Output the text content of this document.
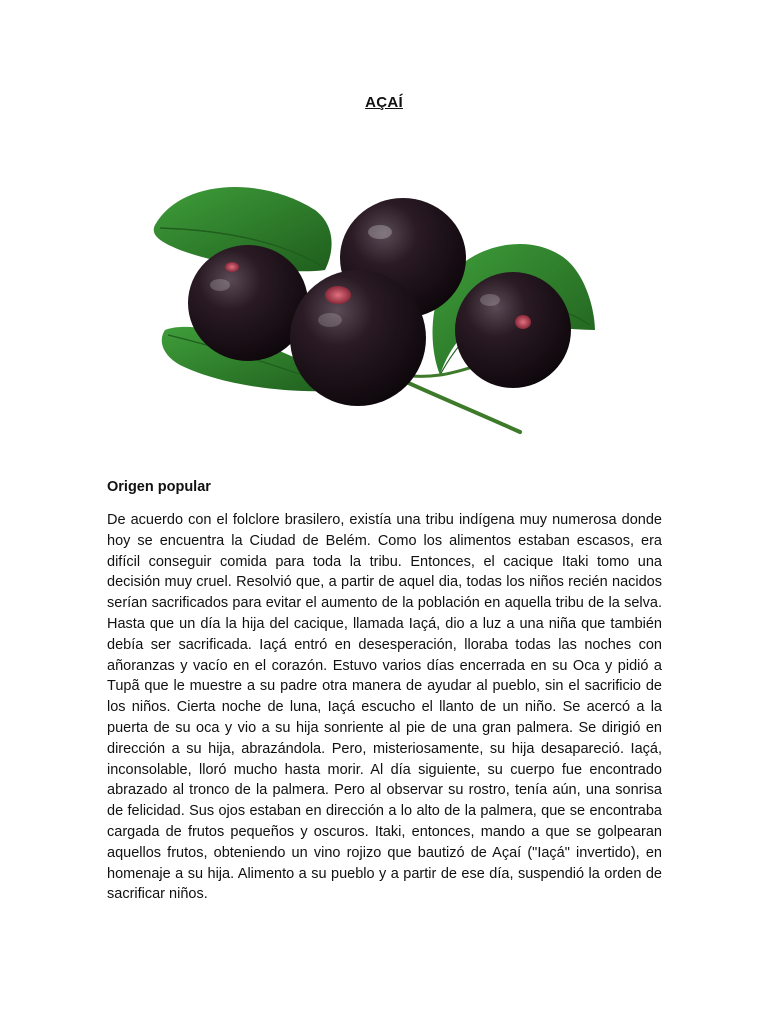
AÇAÍ
Origen popular

De acuerdo con el folclore brasilero, existía una tribu indígena muy numerosa donde hoy se encuentra la Ciudad de Belém. Como los alimentos estaban escasos, era difícil conseguir comida para toda la tribu. Entonces, el cacique Itaki tomo una decisión muy cruel. Resolvió que, a partir de aquel dia, todas los niños recién nacidos serían sacrificados para evitar el aumento de la población en aquella tribu de la selva. Hasta que un día la hija del cacique, llamada Iaçá, dio a luz a una niña que también debía ser sacrificada. Iaçá entró en desesperación, lloraba todas las noches con añoranzas y vacío en el corazón. Estuvo varios días encerrada en su Oca y pidió a Tupã que le muestre a su padre otra manera de ayudar al pueblo, sin el sacrificio de los niños. Cierta noche de luna, Iaçá escucho el llanto de un niño. Se acercó a la puerta de su oca y vio a su hija sonriente al pie de una gran palmera. Se dirigió en dirección a su hija, abrazándola. Pero, misteriosamente, su hija desapareció. Iaçá, inconsolable, lloró mucho hasta morir. Al día siguiente, su cuerpo fue encontrado abrazado al tronco de la palmera. Pero al observar su rostro, tenía aún, una sonrisa de felicidad. Sus ojos estaban en dirección a lo alto de la palmera, que se encontraba cargada de frutos pequeños y oscuros. Itaki, entonces, mando a que se golpearan aquellos frutos, obteniendo un vino rojizo que bautizó de Açaí ("Iaçá" invertido), en homenaje a su hija. Alimento a su pueblo y a partir de ese día, suspendió la orden de sacrificar niños.
